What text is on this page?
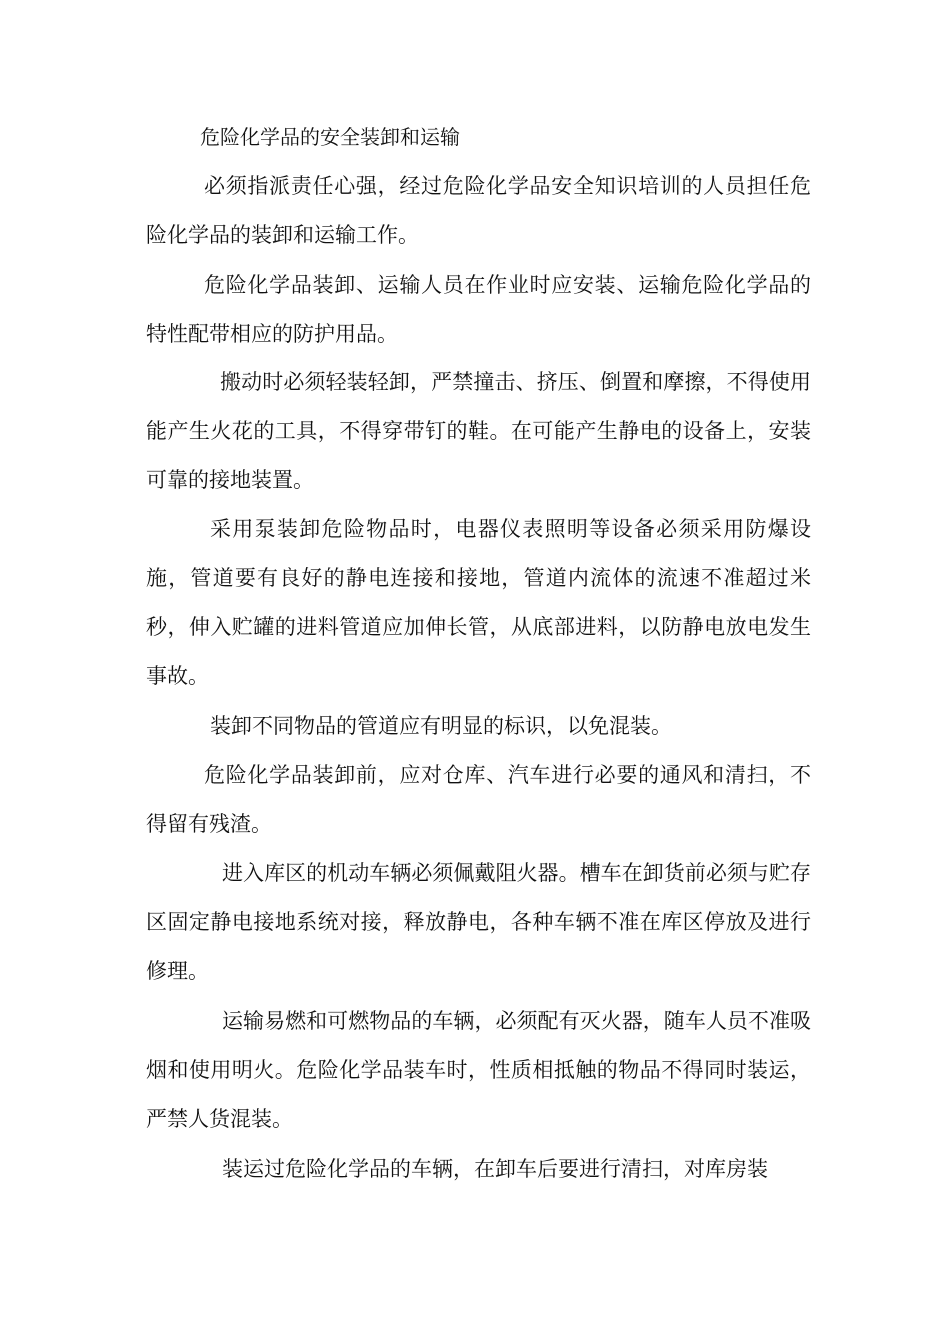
危险化学品的安全装卸和运输
必须指派责任心强，经过危险化学品安全知识培训的人员担任危险化学品的装卸和运输工作。
危险化学品装卸、运输人员在作业时应安装、运输危险化学品的特性配带相应的防护用品。
搬动时必须轻装轻卸，严禁撞击、挤压、倒置和摩擦，不得使用能产生火花的工具，不得穿带钉的鞋。在可能产生静电的设备上，安装可靠的接地装置。
采用泵装卸危险物品时，电器仪表照明等设备必须采用防爆设施，管道要有良好的静电连接和接地，管道内流体的流速不准超过米 秒，伸入贮罐的进料管道应加伸长管，从底部进料，以防静电放电发生事故。
装卸不同物品的管道应有明显的标识，以免混装。
危险化学品装卸前，应对仓库、汽车进行必要的通风和清扫，不得留有残渣。
进入库区的机动车辆必须佩戴阻火器。槽车在卸货前必须与贮存区固定静电接地系统对接，释放静电，各种车辆不准在库区停放及进行修理。
运输易燃和可燃物品的车辆，必须配有灭火器，随车人员不准吸烟和使用明火。危险化学品装车时，性质相抵触的物品不得同时装运，严禁人货混装。
装运过危险化学品的车辆，在卸车后要进行清扫，对库房装
